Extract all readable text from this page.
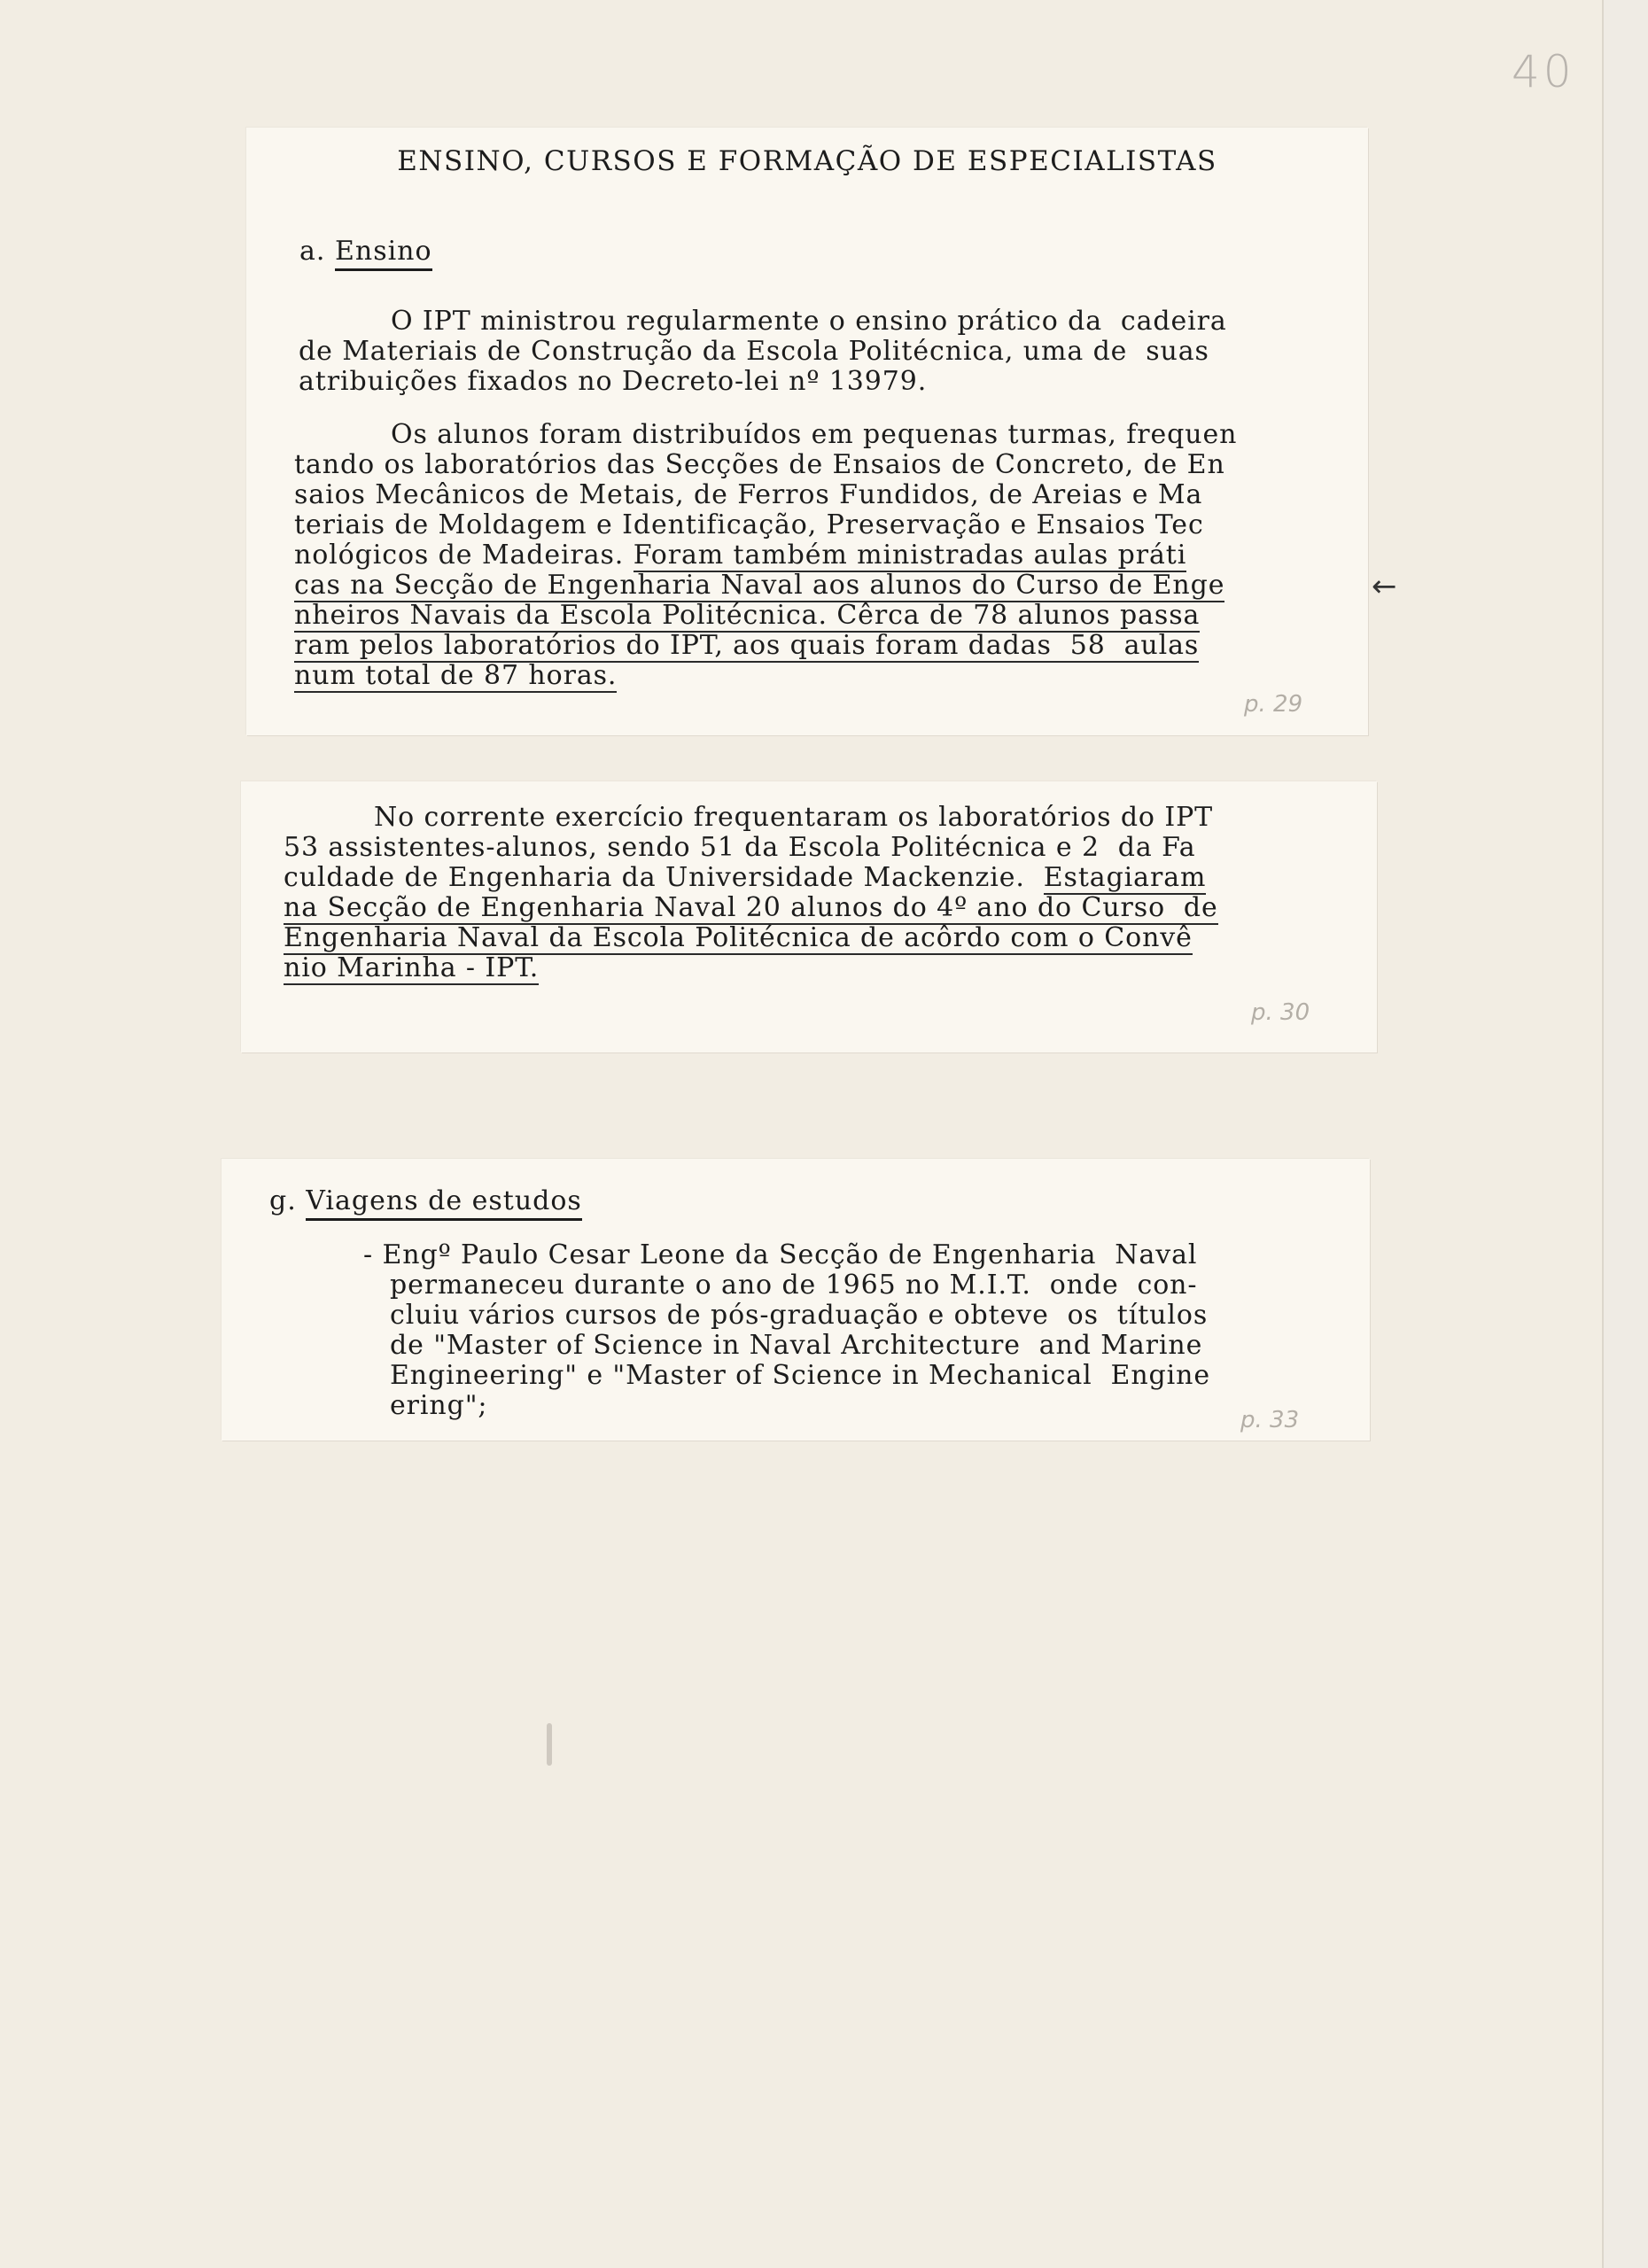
40
ENSINO, CURSOS E FORMAÇÃO DE ESPECIALISTAS
a. Ensino
O IPT ministrou regularmente o ensino prático da  cadeira
de Materiais de Construção da Escola Politécnica, uma de  suas
atribuições fixados no Decreto-lei nº 13979.
Os alunos foram distribuídos em pequenas turmas, frequen
tando os laboratórios das Secções de Ensaios de Concreto, de En
saios Mecânicos de Metais, de Ferros Fundidos, de Areias e Ma
teriais de Moldagem e Identificação, Preservação e Ensaios Tec
nológicos de Madeiras. Foram também ministradas aulas práti
cas na Secção de Engenharia Naval aos alunos do Curso de Enge
nheiros Navais da Escola Politécnica. Cêrca de 78 alunos passa
ram pelos laboratórios do IPT, aos quais foram dadas  58  aulas
num total de 87 horas.
p. 29
←
No corrente exercício frequentaram os laboratórios do IPT
53 assistentes-alunos, sendo 51 da Escola Politécnica e 2  da Fa
culdade de Engenharia da Universidade Mackenzie.  Estagiaram
na Secção de Engenharia Naval 20 alunos do 4º ano do Curso  de
Engenharia Naval da Escola Politécnica de acôrdo com o Convê
nio Marinha - IPT.
p. 30
g. Viagens de estudos
- Engº Paulo Cesar Leone da Secção de Engenharia  Naval
permaneceu durante o ano de 1965 no M.I.T.  onde  con-
cluiu vários cursos de pós-graduação e obteve  os  títulos
de "Master of Science in Naval Architecture  and Marine
Engineering" e "Master of Science in Mechanical  Engine
ering";	p. 33
